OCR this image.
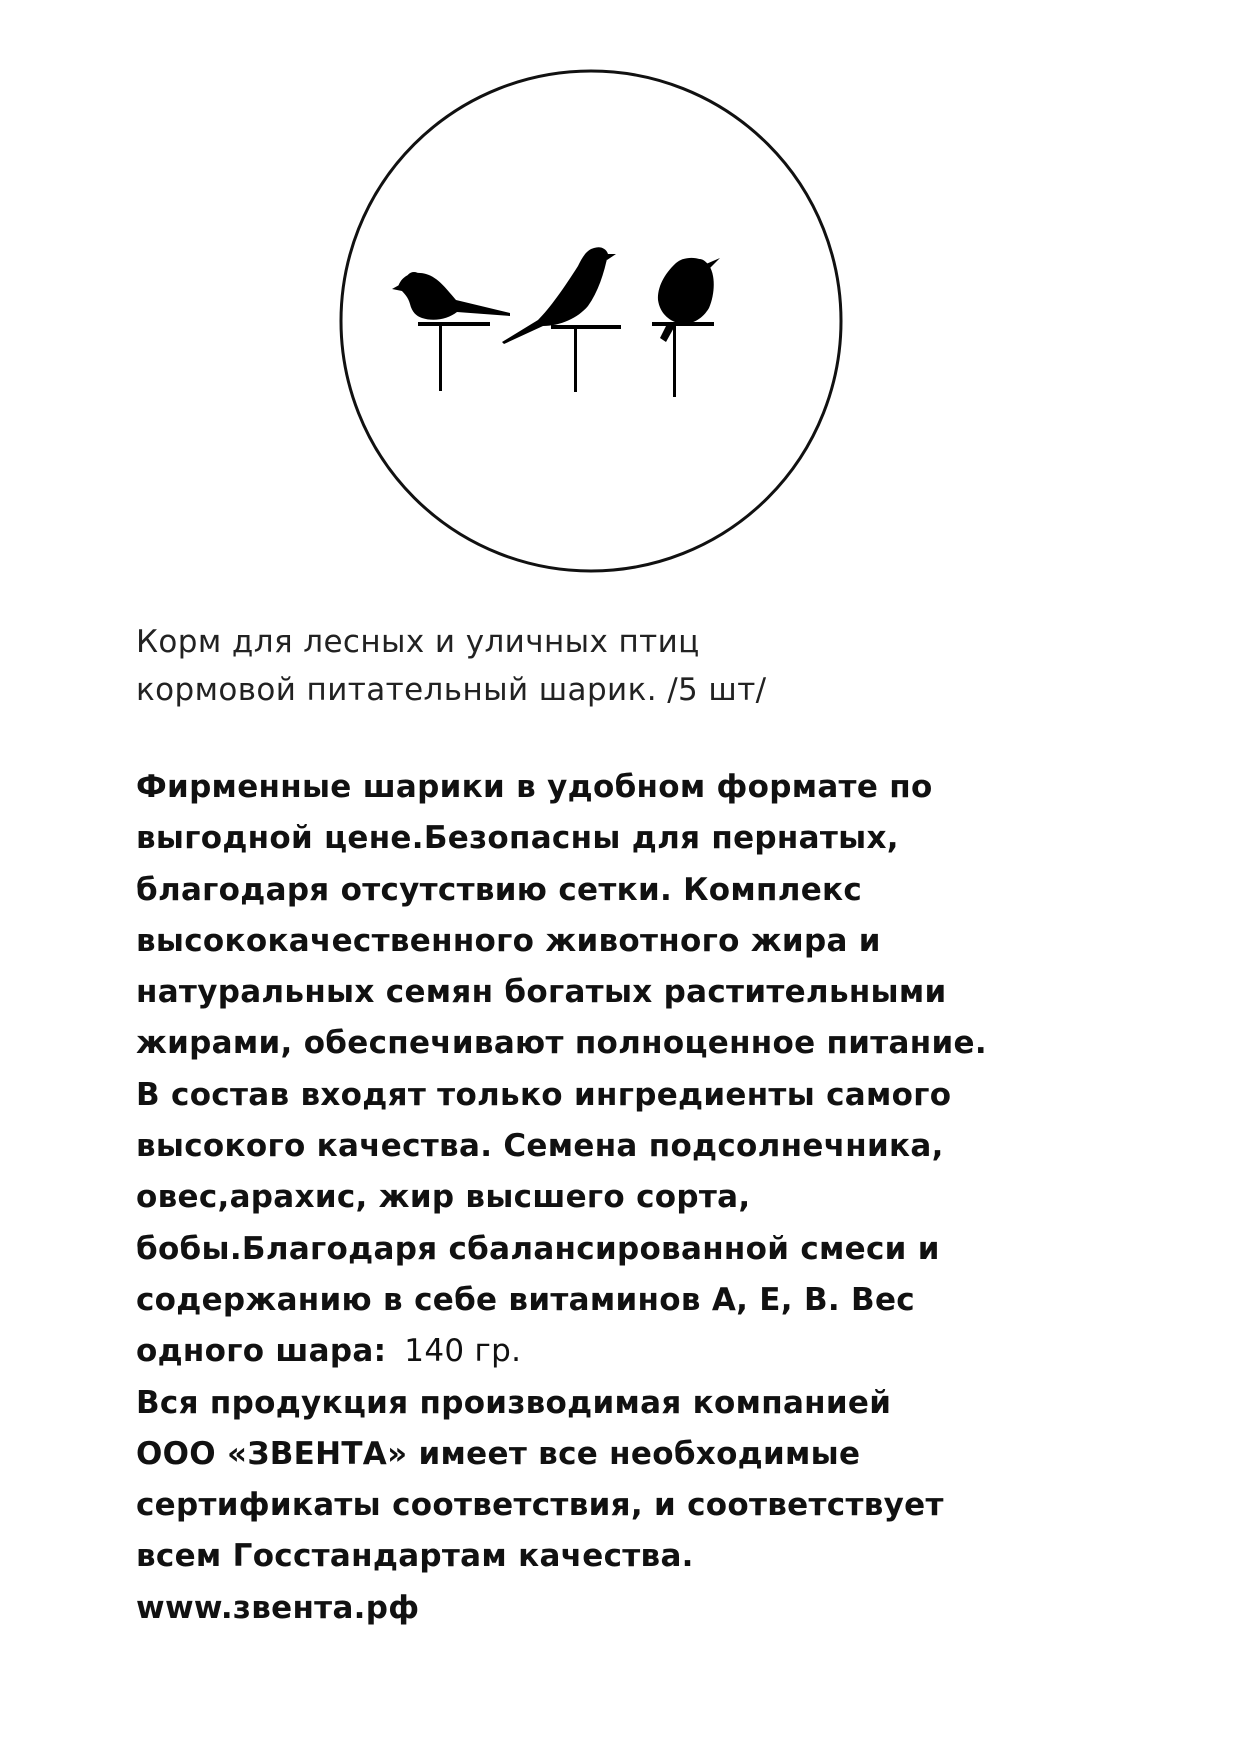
Корм для лесных и уличных птиц
кормовой питательный шарик. /5 шт/
Фирменные шарики в удобном формате по
выгодной цене.Безопасны для пернатых,
благодаря отсутствию сетки. Комплекс
высококачественного животного жира и
натуральных семян богатых растительными
жирами, обеспечивают полноценное питание.
В состав входят только ингредиенты самого
высокого качества. Семена подсолнечника,
овес,арахис, жир высшего сорта,
бобы.Благодаря сбалансированной смеси и
содержанию в себе витаминов А, Е, В. Вес
одного шара: 140 гр.
Вся продукция производимая компанией
ООО «ЗВЕНТА» имеет все необходимые
сертификаты соответствия, и соответствует
всем Госстандартам качества.
www.звента.рф
